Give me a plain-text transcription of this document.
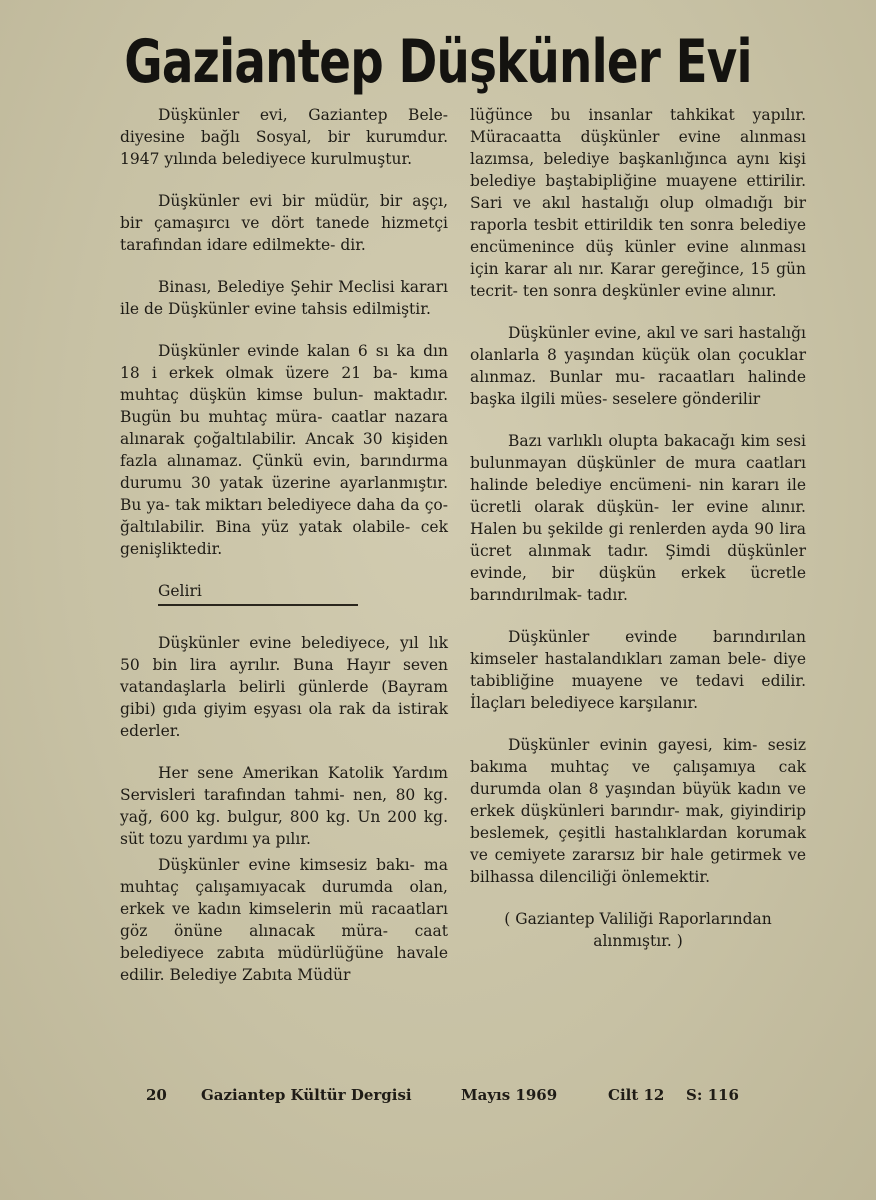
Gaziantep Düşkünler Evi

Düşkünler evi, Gaziantep Bele- diyesine bağlı Sosyal, bir kurumdur. 1947 yılında belediyece kurulmuştur.

Düşkünler evi bir müdür, bir aşçı, bir çamaşırcı ve dört tanede hizmetçi tarafından idare edilmekte- dir.

Binası, Belediye Şehir Meclisi kararı ile de Düşkünler evine tahsis edilmiştir.

Düşkünler evinde kalan 6 sı ka dın 18 i erkek olmak üzere 21 ba- kıma muhtaç düşkün kimse bulun- maktadır. Bugün bu muhtaç müra- caatlar nazara alınarak çoğaltılabilir. Ancak 30 kişiden fazla alınamaz. Çünkü evin, barındırma durumu 30 yatak üzerine ayarlanmıştır. Bu ya- tak miktarı belediyece daha da ço- ğaltılabilir. Bina yüz yatak olabile- cek genişliktedir.

Geliri

Düşkünler evine belediyece, yıl lık 50 bin lira ayrılır. Buna Hayır seven vatandaşlarla belirli günlerde (Bayram gibi) gıda giyim eşyası ola rak da istirak ederler.

Her sene Amerikan Katolik Yardım Servisleri tarafından tahmi- nen, 80 kg. yağ, 600 kg. bulgur, 800 kg. Un 200 kg. süt tozu yardımı ya pılır.

Düşkünler evine kimsesiz bakı- ma muhtaç çalışamıyacak durumda olan, erkek ve kadın kimselerin mü racaatları göz önüne alınacak müra- caat belediyece zabıta müdürlüğüne havale edilir. Belediye Zabıta Müdür

lüğünce bu insanlar tahkikat yapılır. Müracaatta düşkünler evine alınması lazımsa, belediye başkanlığınca aynı kişi belediye baştabipliğine muayene ettirilir. Sari ve akıl hastalığı olup olmadığı bir raporla tesbit ettirildik ten sonra belediye encümenince düş künler evine alınması için karar alı nır. Karar gereğince, 15 gün tecrit- ten sonra deşkünler evine alınır.

Düşkünler evine, akıl ve sari hastalığı olanlarla 8 yaşından küçük olan çocuklar alınmaz. Bunlar mu- racaatları halinde başka ilgili mües- seselere gönderilir

Bazı varlıklı olupta bakacağı kim sesi bulunmayan düşkünler de mura caatları halinde belediye encümeni- nin kararı ile ücretli olarak düşkün- ler evine alınır. Halen bu şekilde gi renlerden ayda 90 lira ücret alınmak tadır. Şimdi düşkünler evinde, bir düşkün erkek ücretle barındırılmak- tadır.

Düşkünler evinde barındırılan kimseler hastalandıkları zaman bele- diye tabibliğine muayene ve tedavi edilir. İlaçları belediyece karşılanır.

Düşkünler evinin gayesi, kim- sesiz bakıma muhtaç ve çalışamıya cak durumda olan 8 yaşından büyük kadın ve erkek düşkünleri barındır- mak, giyindirip beslemek, çeşitli hastalıklardan korumak ve cemiyete zararsız bir hale getirmek ve bilhassa dilenciliği önlemektir.

( Gaziantep Valiliği Raporlarından alınmıştır. )

20 Gaziantep Kültür Dergisi	Mayıs 1969	Cilt 12 S: 116
